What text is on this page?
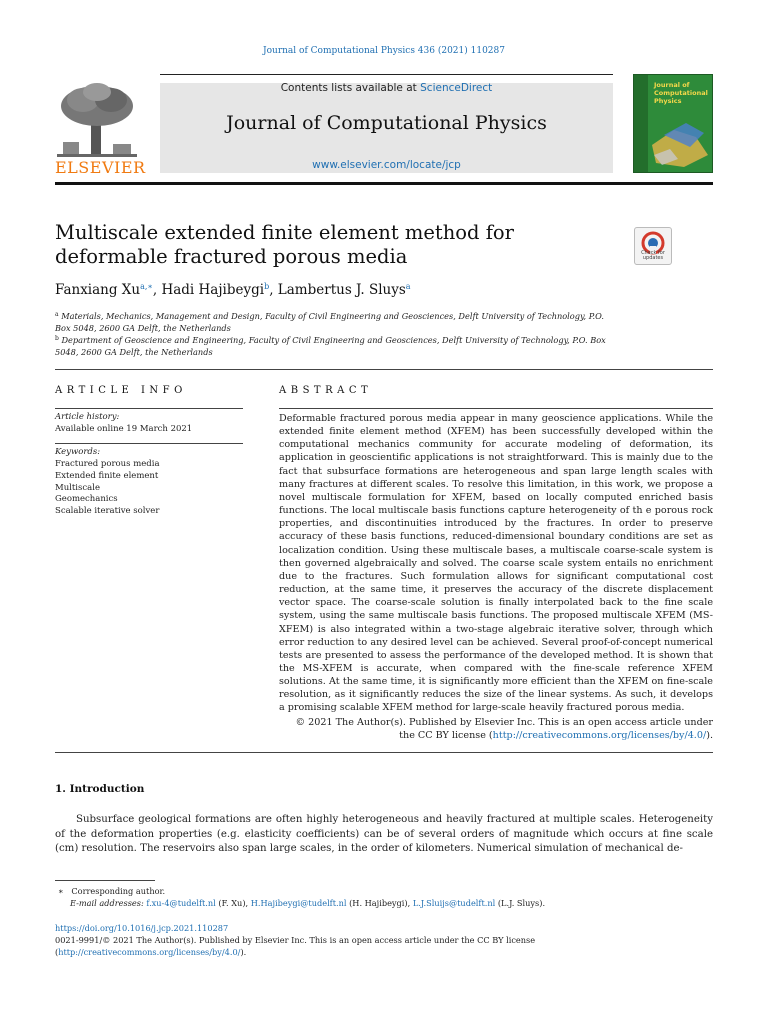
Journal of Computational Physics 436 (2021) 110287
ELSEVIER
Contents lists available at ScienceDirect
Journal of Computational Physics
www.elsevier.com/locate/jcp
Journal of Computational Physics
Multiscale extended finite element method for deformable fractured porous media	Check for updates
Fanxiang $Xu^{a,∗}$, Hadi Hajibeygi$^b$, Lambertus J. Sluys$^a$
$^a$ Materials, Mechanics, Management and Design, Faculty of Civil Engineering and Geosciences, Delft University of Technology, P.O. Box 5048, 2600 GA Delft, the Netherlands
$^b$ Department of Geoscience and Engineering, Faculty of Civil Engineering and Geosciences, Delft University of Technology, P.O. Box 5048, 2600 GA Delft, the Netherlands
ARTICLE INFO
Article history:
Available online 19 March 2021
Keywords:
Fractured porous media
Extended finite element
Multiscale
Geomechanics
Scalable iterative solver
ABSTRACT
Deformable fractured porous media appear in many geoscience applications. While the extended finite element method (XFEM) has been successfully developed within the computational mechanics community for accurate modeling of deformation, its application in geoscientific applications is not straightforward. This is mainly due to the fact that subsurface formations are heterogeneous and span large length scales with many fractures at different scales. To resolve this limitation, in this work, we propose a novel multiscale formulation for XFEM, based on locally computed enriched basis functions. The local multiscale basis functions capture heterogeneity of th e porous rock properties, and discontinuities introduced by the fractures. In order to preserve accuracy of these basis functions, reduced-dimensional boundary conditions are set as localization condition. Using these multiscale bases, a multiscale coarse-scale system is then governed algebraically and solved. The coarse scale system entails no enrichment due to the fractures. Such formulation allows for significant computational cost reduction, at the same time, it preserves the accuracy of the discrete displacement vector space. The coarse-scale solution is finally interpolated back to the fine scale system, using the same multiscale basis functions. The proposed multiscale XFEM (MS-XFEM) is also integrated within a two-stage algebraic iterative solver, through which error reduction to any desired level can be achieved. Several proof-of-concept numerical tests are presented to assess the performance of the developed method. It is shown that the MS-XFEM is accurate, when compared with the fine-scale reference XFEM solutions. At the same time, it is significantly more efficient than the XFEM on fine-scale resolution, as it significantly reduces the size of the linear systems. As such, it develops a promising scalable XFEM method for large-scale heavily fractured porous media.
© 2021 The Author(s). Published by Elsevier Inc. This is an open access article under the CC BY license (http://creativecommons.org/licenses/by/4.0/).
1. Introduction
Subsurface geological formations are often highly heterogeneous and heavily fractured at multiple scales. Heterogeneity of the deformation properties (e.g. elasticity coefficients) can be of several orders of magnitude which occurs at fine scale (cm) resolution. The reservoirs also span large scales, in the order of kilometers. Numerical simulation of mechanical de-
∗ Corresponding author.
E-mail addresses: f.xu-4@tudelft.nl (F. Xu), H.Hajibeygi@tudelft.nl (H. Hajibeygi), L.J.Sluijs@tudelft.nl (L.J. Sluys).
https://doi.org/10.1016/j.jcp.2021.110287
0021-9991/© 2021 The Author(s). Published by Elsevier Inc. This is an open access article under the CC BY license
(http://creativecommons.org/licenses/by/4.0/).
